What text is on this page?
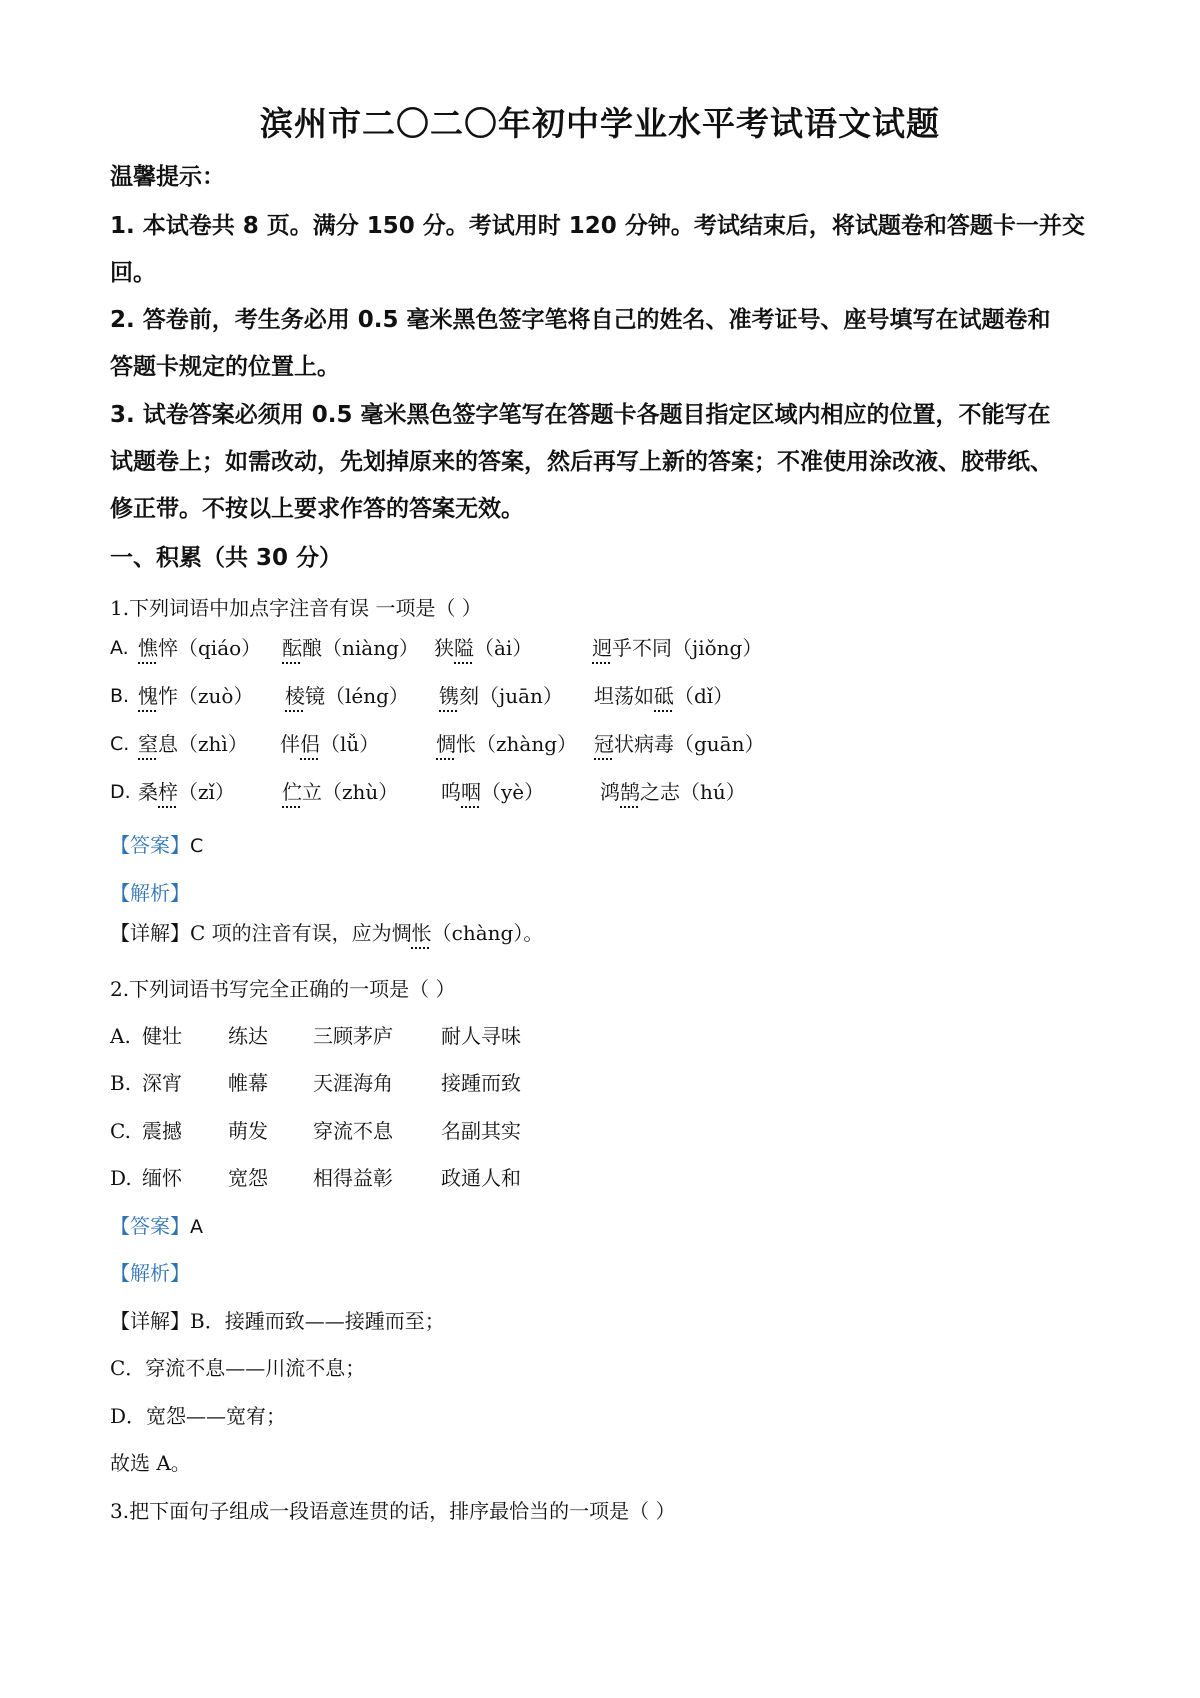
滨州市二〇二〇年初中学业水平考试语文试题
温馨提示：
1. 本试卷共 8 页。满分 150 分。考试用时 120 分钟。考试结束后，将试题卷和答题卡一并交
回。
2. 答卷前，考生务必用 0.5 毫米黑色签字笔将自己的姓名、准考证号、座号填写在试题卷和
答题卡规定的位置上。
3. 试卷答案必须用 0.5 毫米黑色签字笔写在答题卡各题目指定区域内相应的位置，不能写在
试题卷上；如需改动，先划掉原来的答案，然后再写上新的答案；不准使用涂改液、胶带纸、
修正带。不按以上要求作答的答案无效。
一、积累（共 30 分）
1.下列词语中加点字注音有误 一项是（ ）
A. 憔悴（qiáo） 酝酿（niàng） 狭隘（ài）	迥乎不同（jiǒng）
B. 愧怍（zuò） 棱镜（léng） 镌刻（juān） 坦荡如砥（dǐ）
C. 窒息（zhì） 伴侣（lǚ）	惆怅（zhàng） 冠状病毒（guān）
D. 桑梓（zǐ） 伫立（zhù） 呜咽（yè）	鸿鹄之志（hú）
【答案】C
【解析】
【详解】C 项的注音有误，应为惆怅（chàng）。
2.下列词语书写完全正确的一项是（ ）
A. 健壮 练达 三顾茅庐 耐人寻味
B. 深宵 帷幕 天涯海角 接踵而致
C. 震撼 萌发 穿流不息 名副其实
D. 缅怀 宽怨 相得益彰 政通人和
【答案】A
【解析】
【详解】B．接踵而致——接踵而至；
C．穿流不息——川流不息；
D．宽怨——宽宥；
故选 A。
3.把下面句子组成一段语意连贯的话，排序最恰当的一项是（ ）
